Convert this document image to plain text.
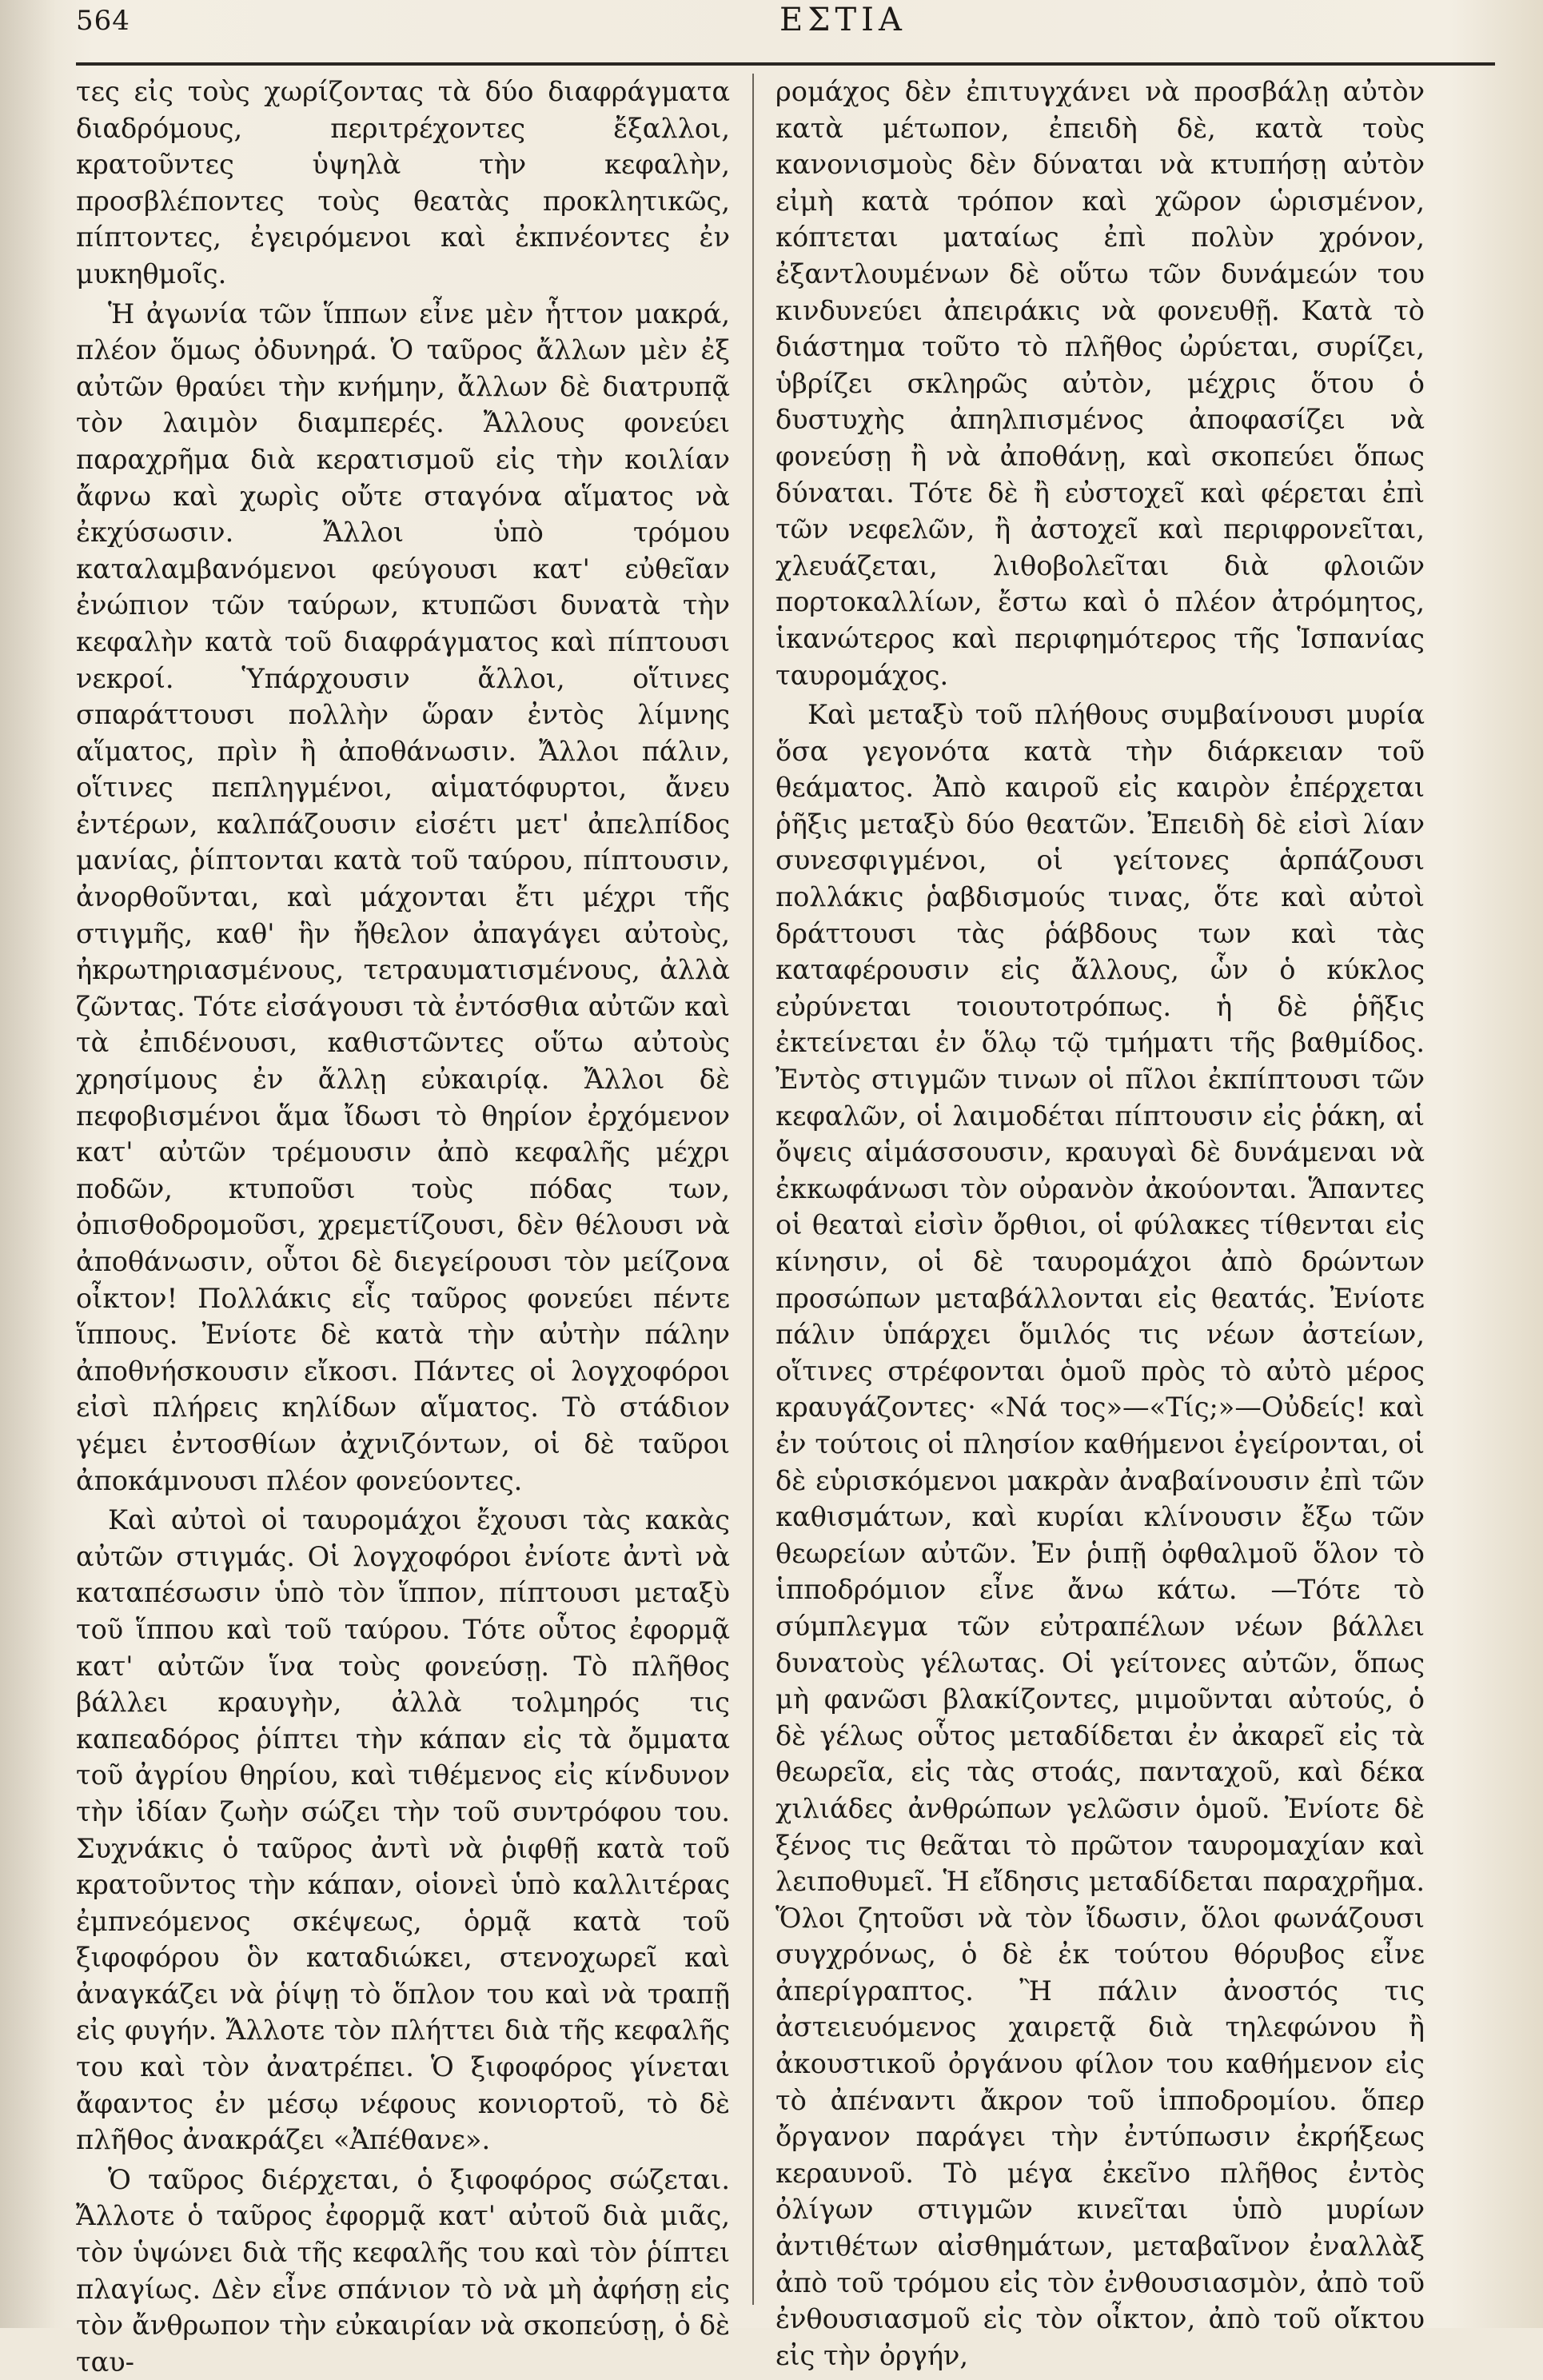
564	ΕΣΤΙΑ

τες εἰς τοὺς χωρίζοντας τὰ δύο διαφράγματα διαδρόμους, περιτρέχοντες ἔξαλλοι, κρατοῦντες ὑψηλὰ τὴν κεφαλὴν, προσβλέποντες τοὺς θεατὰς προκλητικῶς, πίπτοντες, ἐγειρόμενοι καὶ ἐκπνέοντες ἐν μυκηθμοῖς.

Ἡ ἀγωνία τῶν ἵππων εἶνε μὲν ἧττον μακρά, πλέον ὅμως ὀδυνηρά. Ὁ ταῦρος ἄλλων μὲν ἐξ αὐτῶν θραύει τὴν κνήμην, ἄλλων δὲ διατρυπᾷ τὸν λαιμὸν διαμπερές. Ἄλλους φονεύει παραχρῆμα διὰ κερατισμοῦ εἰς τὴν κοιλίαν ἄφνω καὶ χωρὶς οὔτε σταγόνα αἵματος νὰ ἐκχύσωσιν. Ἄλλοι ὑπὸ τρόμου καταλαμβανόμενοι φεύγουσι κατ' εὐθεῖαν ἐνώπιον τῶν ταύρων, κτυπῶσι δυνατὰ τὴν κεφαλὴν κατὰ τοῦ διαφράγματος καὶ πίπτουσι νεκροί. Ὑπάρχουσιν ἄλλοι, οἵτινες σπαράττουσι πολλὴν ὥραν ἐντὸς λίμνης αἵματος, πρὶν ἢ ἀποθάνωσιν. Ἄλλοι πάλιν, οἵτινες πεπληγμένοι, αἱματόφυρτοι, ἄνευ ἐντέρων, καλπάζουσιν εἰσέτι μετ' ἀπελπίδος μανίας, ῥίπτονται κατὰ τοῦ ταύρου, πίπτουσιν, ἀνορθοῦνται, καὶ μάχονται ἔτι μέχρι τῆς στιγμῆς, καθ' ἣν ἤθελον ἀπαγάγει αὐτοὺς, ἠκρωτηριασμένους, τετραυματισμένους, ἀλλὰ ζῶντας. Τότε εἰσάγουσι τὰ ἐντόσθια αὐτῶν καὶ τὰ ἐπιδένουσι, καθιστῶντες οὕτω αὐτοὺς χρησίμους ἐν ἄλλῃ εὐκαιρίᾳ. Ἄλλοι δὲ πεφοβισμένοι ἅμα ἴδωσι τὸ θηρίον ἐρχόμενον κατ' αὐτῶν τρέμουσιν ἀπὸ κεφαλῆς μέχρι ποδῶν, κτυποῦσι τοὺς πόδας των, ὀπισθοδρομοῦσι, χρεμετίζουσι, δὲν θέλουσι νὰ ἀποθάνωσιν, οὗτοι δὲ διεγείρουσι τὸν μείζονα οἶκτον! Πολλάκις εἷς ταῦρος φονεύει πέντε ἵππους. Ἐνίοτε δὲ κατὰ τὴν αὐτὴν πάλην ἀποθνήσκουσιν εἴκοσι. Πάντες οἱ λογχοφόροι εἰσὶ πλήρεις κηλίδων αἵματος. Τὸ στάδιον γέμει ἐντοσθίων ἀχνιζόντων, οἱ δὲ ταῦροι ἀποκάμνουσι πλέον φονεύοντες.

Καὶ αὐτοὶ οἱ ταυρομάχοι ἔχουσι τὰς κακὰς αὐτῶν στιγμάς. Οἱ λογχοφόροι ἐνίοτε ἀντὶ νὰ καταπέσωσιν ὑπὸ τὸν ἵππον, πίπτουσι μεταξὺ τοῦ ἵππου καὶ τοῦ ταύρου. Τότε οὗτος ἐφορμᾷ κατ' αὐτῶν ἵνα τοὺς φονεύσῃ. Τὸ πλῆθος βάλλει κραυγὴν, ἀλλὰ τολμηρός τις καπεαδόρος ῥίπτει τὴν κάπαν εἰς τὰ ὄμματα τοῦ ἀγρίου θηρίου, καὶ τιθέμενος εἰς κίνδυνον τὴν ἰδίαν ζωὴν σώζει τὴν τοῦ συντρόφου του. Συχνάκις ὁ ταῦρος ἀντὶ νὰ ῥιφθῇ κατὰ τοῦ κρατοῦντος τὴν κάπαν, οἱονεὶ ὑπὸ καλλιτέρας ἐμπνεόμενος σκέψεως, ὁρμᾷ κατὰ τοῦ ξιφοφόρου ὃν καταδιώκει, στενοχωρεῖ καὶ ἀναγκάζει νὰ ῥίψῃ τὸ ὅπλον του καὶ νὰ τραπῇ εἰς φυγήν. Ἄλλοτε τὸν πλήττει διὰ τῆς κεφαλῆς του καὶ τὸν ἀνατρέπει. Ὁ ξιφοφόρος γίνεται ἄφαντος ἐν μέσῳ νέφους κονιορτοῦ, τὸ δὲ πλῆθος ἀνακράζει «Ἀπέθανε».

Ὁ ταῦρος διέρχεται, ὁ ξιφοφόρος σώζεται. Ἄλλοτε ὁ ταῦρος ἐφορμᾷ κατ' αὐτοῦ διὰ μιᾶς, τὸν ὑψώνει διὰ τῆς κεφαλῆς του καὶ τὸν ῥίπτει πλαγίως. Δὲν εἶνε σπάνιον τὸ νὰ μὴ ἀφήσῃ εἰς τὸν ἄνθρωπον τὴν εὐκαιρίαν νὰ σκοπεύσῃ, ὁ δὲ ταυ-

ρομάχος δὲν ἐπιτυγχάνει νὰ προσβάλῃ αὐτὸν κατὰ μέτωπον, ἐπειδὴ δὲ, κατὰ τοὺς κανονισμοὺς δὲν δύναται νὰ κτυπήσῃ αὐτὸν εἰμὴ κατὰ τρόπον καὶ χῶρον ὡρισμένον, κόπτεται ματαίως ἐπὶ πολὺν χρόνον, ἐξαντλουμένων δὲ οὕτω τῶν δυνάμεών του κινδυνεύει ἀπειράκις νὰ φονευθῇ. Κατὰ τὸ διάστημα τοῦτο τὸ πλῆθος ὠρύεται, συρίζει, ὑβρίζει σκληρῶς αὐτὸν, μέχρις ὅτου ὁ δυστυχὴς ἀπηλπισμένος ἀποφασίζει νὰ φονεύσῃ ἢ νὰ ἀποθάνῃ, καὶ σκοπεύει ὅπως δύναται. Τότε δὲ ἢ εὐστοχεῖ καὶ φέρεται ἐπὶ τῶν νεφελῶν, ἢ ἀστοχεῖ καὶ περιφρονεῖται, χλευάζεται, λιθοβολεῖται διὰ φλοιῶν πορτοκαλλίων, ἔστω καὶ ὁ πλέον ἀτρόμητος, ἱκανώτερος καὶ περιφημότερος τῆς Ἱσπανίας ταυρομάχος.

Καὶ μεταξὺ τοῦ πλήθους συμβαίνουσι μυρία ὅσα γεγονότα κατὰ τὴν διάρκειαν τοῦ θεάματος. Ἀπὸ καιροῦ εἰς καιρὸν ἐπέρχεται ῥῆξις μεταξὺ δύο θεατῶν. Ἐπειδὴ δὲ εἰσὶ λίαν συνεσφιγμένοι, οἱ γείτονες ἁρπάζουσι πολλάκις ῥαβδισμούς τινας, ὅτε καὶ αὐτοὶ δράττουσι τὰς ῥάβδους των καὶ τὰς καταφέρουσιν εἰς ἄλλους, ὧν ὁ κύκλος εὐρύνεται τοιουτοτρόπως. ἡ δὲ ῥῆξις ἐκτείνεται ἐν ὅλῳ τῷ τμήματι τῆς βαθμίδος. Ἐντὸς στιγμῶν τινων οἱ πῖλοι ἐκπίπτουσι τῶν κεφαλῶν, οἱ λαιμοδέται πίπτουσιν εἰς ῥάκη, αἱ ὄψεις αἱμάσσουσιν, κραυγαὶ δὲ δυνάμεναι νὰ ἐκκωφάνωσι τὸν οὐρανὸν ἀκούονται. Ἅπαντες οἱ θεαταὶ εἰσὶν ὄρθιοι, οἱ φύλακες τίθενται εἰς κίνησιν, οἱ δὲ ταυρομάχοι ἀπὸ δρώντων προσώπων μεταβάλλονται εἰς θεατάς. Ἐνίοτε πάλιν ὑπάρχει ὅμιλός τις νέων ἀστείων, οἵτινες στρέφονται ὁμοῦ πρὸς τὸ αὐτὸ μέρος κραυγάζοντες· «Νά τος»—«Τίς;»—Οὐδείς! καὶ ἐν τούτοις οἱ πλησίον καθήμενοι ἐγείρονται, οἱ δὲ εὑρισκόμενοι μακρὰν ἀναβαίνουσιν ἐπὶ τῶν καθισμάτων, καὶ κυρίαι κλίνουσιν ἔξω τῶν θεωρείων αὐτῶν. Ἐν ῥιπῇ ὀφθαλμοῦ ὅλον τὸ ἱπποδρόμιον εἶνε ἄνω κάτω. —Τότε τὸ σύμπλεγμα τῶν εὐτραπέλων νέων βάλλει δυνατοὺς γέλωτας. Οἱ γείτονες αὐτῶν, ὅπως μὴ φανῶσι βλακίζοντες, μιμοῦνται αὐτούς, ὁ δὲ γέλως οὗτος μεταδίδεται ἐν ἀκαρεῖ εἰς τὰ θεωρεῖα, εἰς τὰς στοάς, πανταχοῦ, καὶ δέκα χιλιάδες ἀνθρώπων γελῶσιν ὁμοῦ. Ἐνίοτε δὲ ξένος τις θεᾶται τὸ πρῶτον ταυρομαχίαν καὶ λειποθυμεῖ. Ἡ εἴδησις μεταδίδεται παραχρῆμα. Ὅλοι ζητοῦσι νὰ τὸν ἴδωσιν, ὅλοι φωνάζουσι συγχρόνως, ὁ δὲ ἐκ τούτου θόρυβος εἶνε ἀπερίγραπτος. Ἢ πάλιν ἀνοστός τις ἀστειευόμενος χαιρετᾷ διὰ τηλεφώνου ἢ ἀκουστικοῦ ὀργάνου φίλον του καθήμενον εἰς τὸ ἀπέναντι ἄκρον τοῦ ἱπποδρομίου. ὅπερ ὄργανον παράγει τὴν ἐντύπωσιν ἐκρήξεως κεραυνοῦ. Τὸ μέγα ἐκεῖνο πλῆθος ἐντὸς ὀλίγων στιγμῶν κινεῖται ὑπὸ μυρίων ἀντιθέτων αἰσθημάτων, μεταβαῖνον ἐναλλὰξ ἀπὸ τοῦ τρόμου εἰς τὸν ἐνθουσιασμὸν, ἀπὸ τοῦ ἐνθουσιασμοῦ εἰς τὸν οἶκτον, ἀπὸ τοῦ οἴκτου εἰς τὴν ὀργήν,
